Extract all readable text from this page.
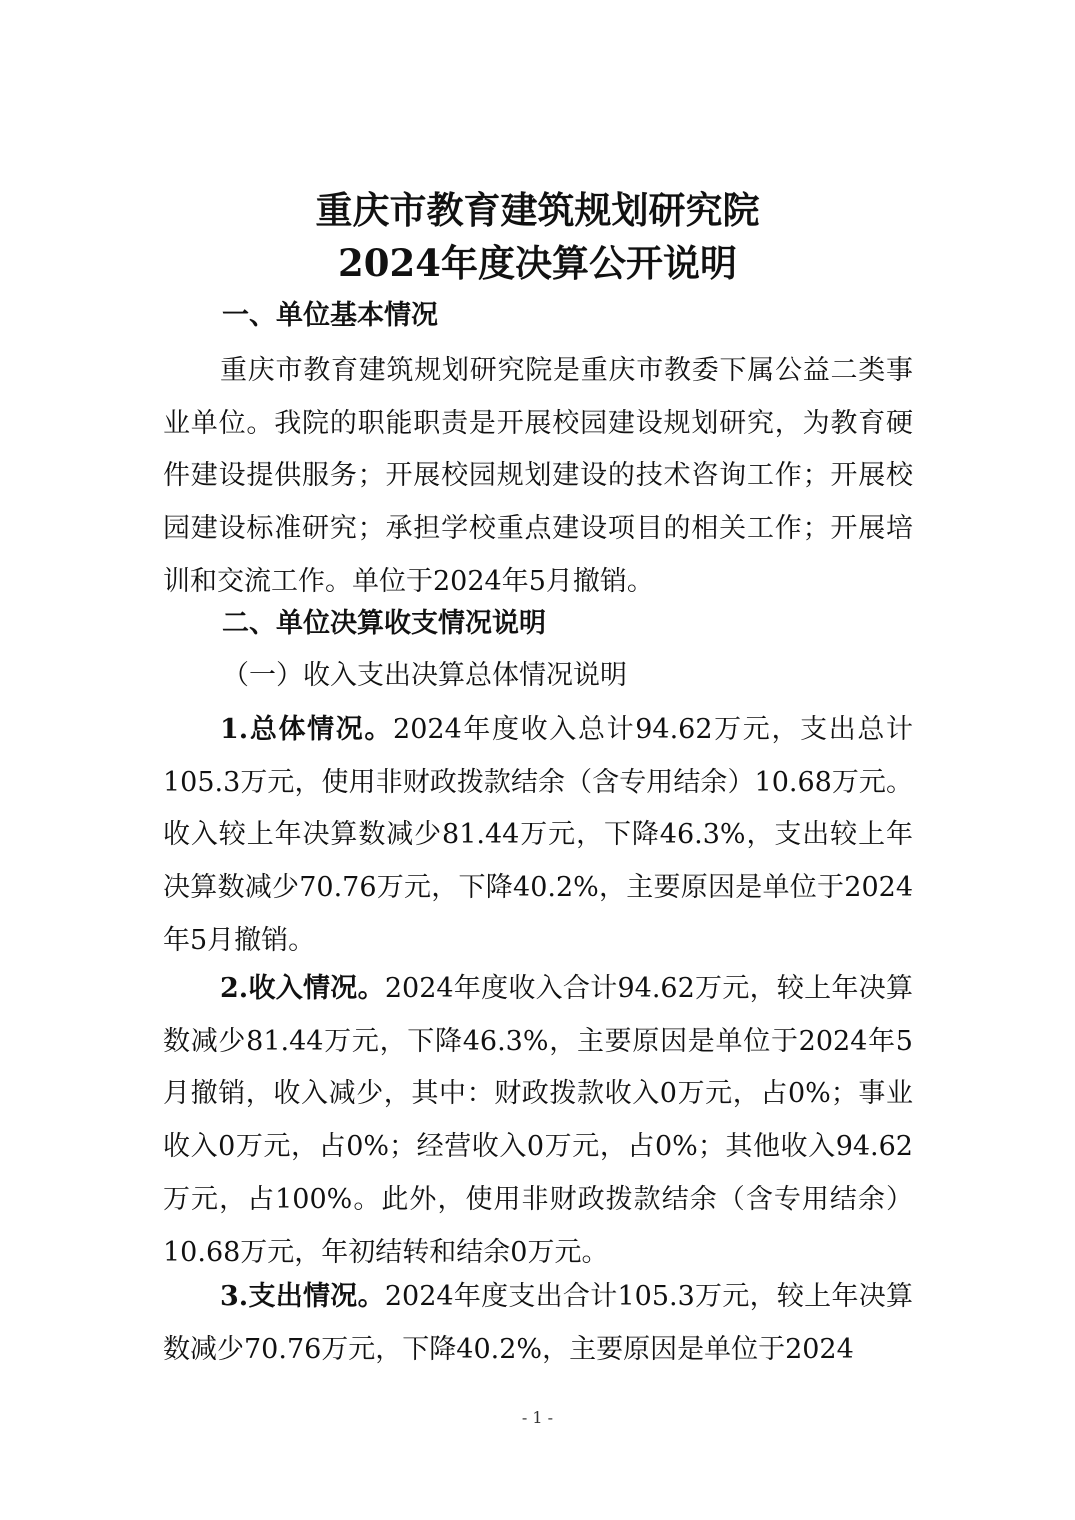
重庆市教育建筑规划研究院
2024年度决算公开说明
一、单位基本情况
重庆市教育建筑规划研究院是重庆市教委下属公益二类事业单位。我院的职能职责是开展校园建设规划研究，为教育硬件建设提供服务；开展校园规划建设的技术咨询工作；开展校园建设标准研究；承担学校重点建设项目的相关工作；开展培训和交流工作。单位于2024年5月撤销。
二、单位决算收支情况说明
（一）收入支出决算总体情况说明
1.总体情况。2024年度收入总计94.62万元，支出总计105.3万元，使用非财政拨款结余（含专用结余）10.68万元。收入较上年决算数减少81.44万元，下降46.3%，支出较上年决算数减少70.76万元，下降40.2%，主要原因是单位于2024年5月撤销。
2.收入情况。2024年度收入合计94.62万元，较上年决算数减少81.44万元，下降46.3%，主要原因是单位于2024年5月撤销，收入减少，其中：财政拨款收入0万元，占0%；事业收入0万元，占0%；经营收入0万元，占0%；其他收入94.62万元，占100%。此外，使用非财政拨款结余（含专用结余）10.68万元，年初结转和结余0万元。
3.支出情况。2024年度支出合计105.3万元，较上年决算数减少70.76万元，下降40.2%，主要原因是单位于2024
- 1 -
